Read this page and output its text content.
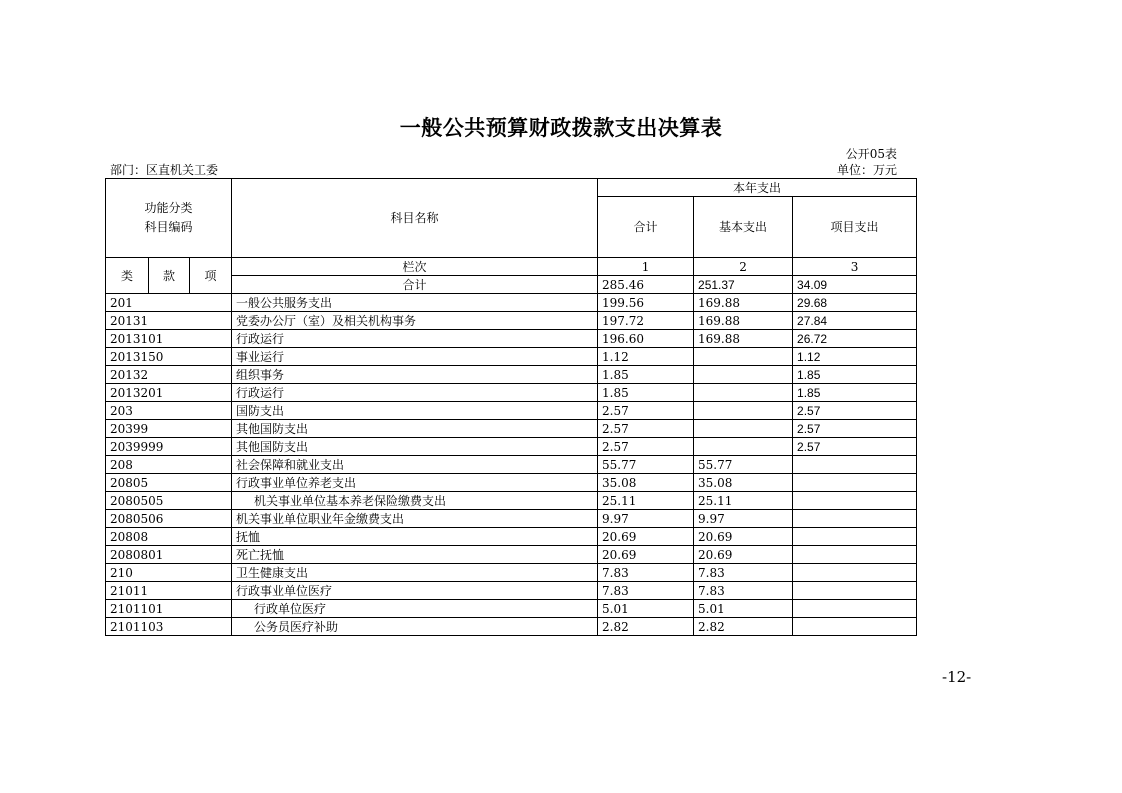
一般公共预算财政拨款支出决算表
公开05表
部门：区直机关工委	单位：万元
功能分类
科目编码			科目名称	本年支出		
				合计	基本支出	项目支出
类	款	项	栏次	1	2	3
			合计	285.46	251.37	34.09
201			一般公共服务支出	199.56	169.88	29.68
20131			党委办公厅（室）及相关机构事务	197.72	169.88	27.84
2013101			行政运行	196.60	169.88	26.72
2013150			事业运行	1.12		1.12
20132			组织事务	1.85		1.85
2013201			行政运行	1.85		1.85
203			国防支出	2.57		2.57
20399			其他国防支出	2.57		2.57
2039999			其他国防支出	2.57		2.57
208			社会保障和就业支出	55.77	55.77	
20805			行政事业单位养老支出	35.08	35.08	
2080505			机关事业单位基本养老保险缴费支出	25.11	25.11	
2080506			机关事业单位职业年金缴费支出	9.97	9.97	
20808			抚恤	20.69	20.69	
2080801			死亡抚恤	20.69	20.69	
210			卫生健康支出	7.83	7.83	
21011			行政事业单位医疗	7.83	7.83	
2101101			行政单位医疗	5.01	5.01	
2101103			公务员医疗补助	2.82	2.82	
-12-
